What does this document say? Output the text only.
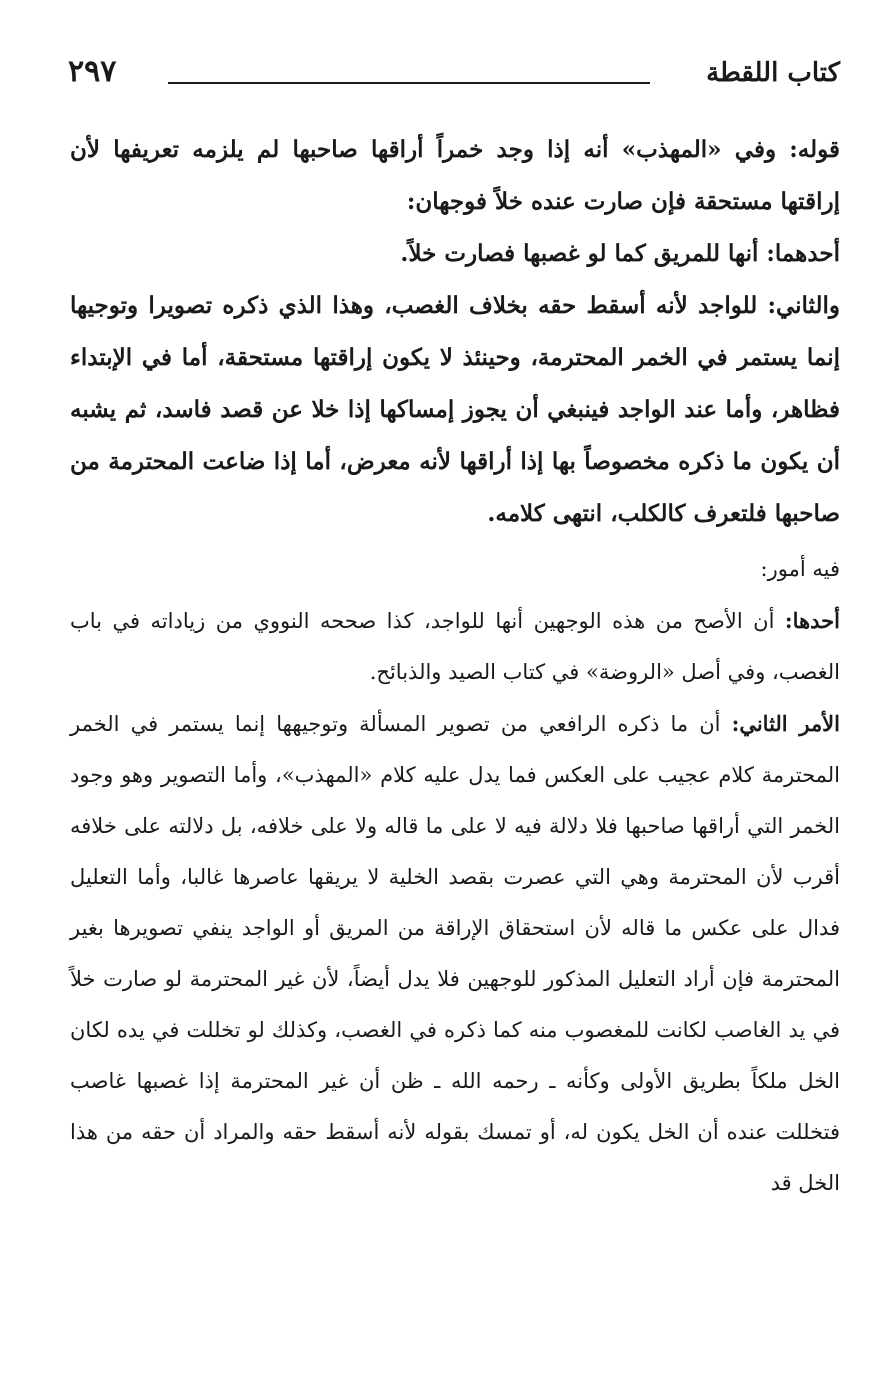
كتاب اللقطة
٢٩٧

قوله: وفي «المهذب» أنه إذا وجد خمراً أراقها صاحبها لم يلزمه تعريفها لأن إراقتها مستحقة فإن صارت عنده خلاً فوجهان:

أحدهما: أنها للمريق كما لو غصبها فصارت خلاً.

والثاني: للواجد لأنه أسقط حقه بخلاف الغصب، وهذا الذي ذكره تصويرا وتوجيها إنما يستمر في الخمر المحترمة، وحينئذ لا يكون إراقتها مستحقة، أما في الإبتداء فظاهر، وأما عند الواجد فينبغي أن يجوز إمساكها إذا خلا عن قصد فاسد، ثم يشبه أن يكون ما ذكره مخصوصاً بها إذا أراقها لأنه معرض، أما إذا ضاعت المحترمة من صاحبها فلتعرف كالكلب، انتهى كلامه.

فيه أمور:

أحدها: أن الأصح من هذه الوجهين أنها للواجد، كذا صححه النووي من زياداته في باب الغصب، وفي أصل «الروضة» في كتاب الصيد والذبائح.

الأمر الثاني: أن ما ذكره الرافعي من تصوير المسألة وتوجيهها إنما يستمر في الخمر المحترمة كلام عجيب على العكس فما يدل عليه كلام «المهذب»، وأما التصوير وهو وجود الخمر التي أراقها صاحبها فلا دلالة فيه لا على ما قاله ولا على خلافه، بل دلالته على خلافه أقرب لأن المحترمة وهي التي عصرت بقصد الخلية لا يريقها عاصرها غالبا، وأما التعليل فدال على عكس ما قاله لأن استحقاق الإراقة من المريق أو الواجد ينفي تصويرها بغير المحترمة فإن أراد التعليل المذكور للوجهين فلا يدل أيضاً، لأن غير المحترمة لو صارت خلاً في يد الغاصب لكانت للمغصوب منه كما ذكره في الغصب، وكذلك لو تخللت في يده لكان الخل ملكاً بطريق الأولى وكأنه ـ رحمه الله ـ ظن أن غير المحترمة إذا غصبها غاصب فتخللت عنده أن الخل يكون له، أو تمسك بقوله لأنه أسقط حقه والمراد أن حقه من هذا الخل قد
